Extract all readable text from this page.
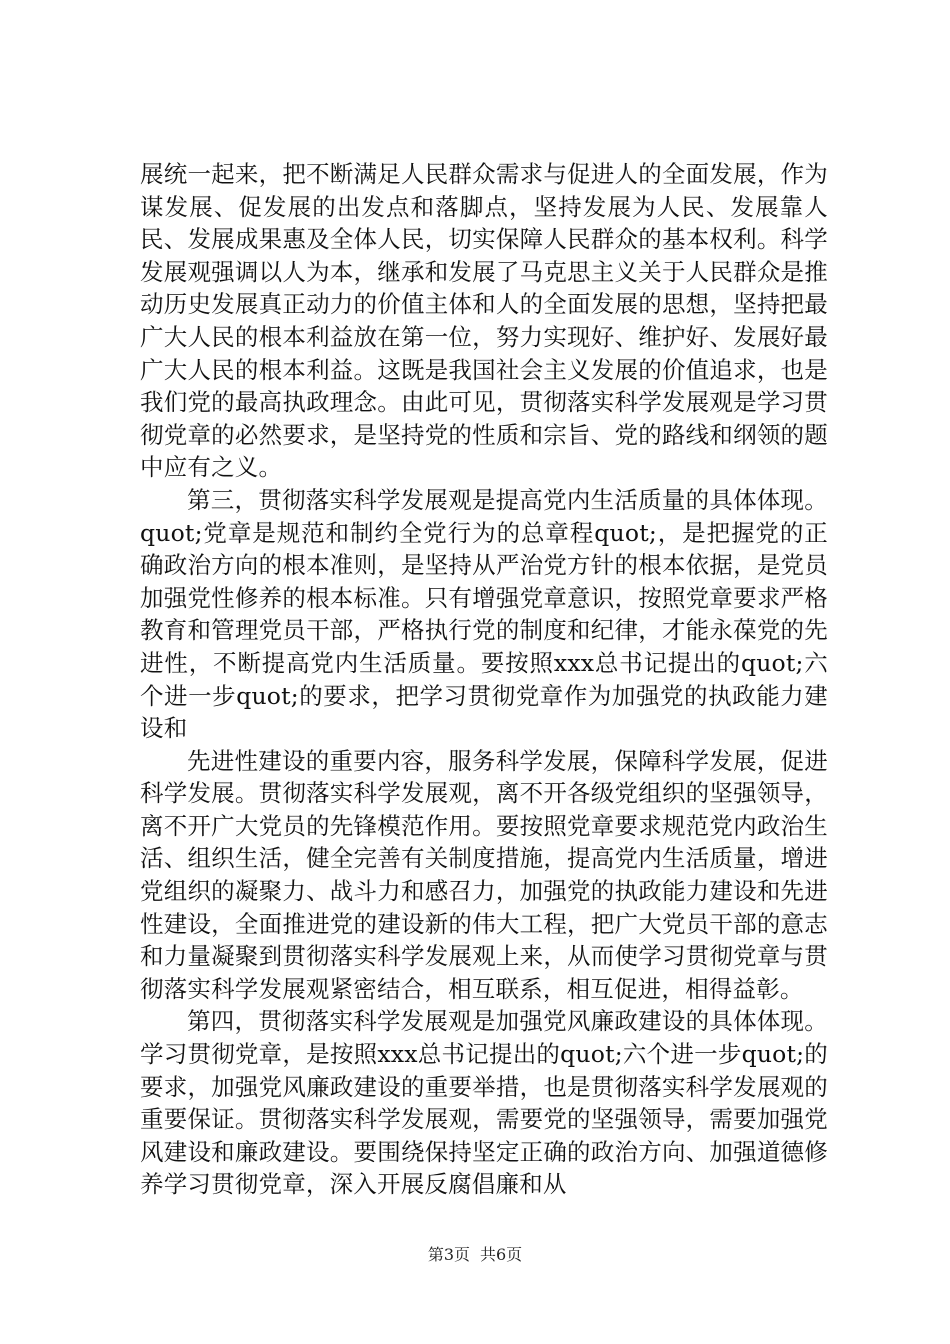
展统一起来，把不断满足人民群众需求与促进人的全面发展，作为谋发展、促发展的出发点和落脚点，坚持发展为人民、发展靠人民、发展成果惠及全体人民，切实保障人民群众的基本权利。科学发展观强调以人为本，继承和发展了马克思主义关于人民群众是推动历史发展真正动力的价值主体和人的全面发展的思想，坚持把最广大人民的根本利益放在第一位，努力实现好、维护好、发展好最广大人民的根本利益。这既是我国社会主义发展的价值追求，也是我们党的最高执政理念。由此可见，贯彻落实科学发展观是学习贯彻党章的必然要求，是坚持党的性质和宗旨、党的路线和纲领的题中应有之义。

第三，贯彻落实科学发展观是提高党内生活质量的具体体现。quot;党章是规范和制约全党行为的总章程quot;，是把握党的正确政治方向的根本准则，是坚持从严治党方针的根本依据，是党员加强党性修养的根本标准。只有增强党章意识，按照党章要求严格教育和管理党员干部，严格执行党的制度和纪律，才能永葆党的先进性，不断提高党内生活质量。要按照xxx总书记提出的quot;六个进一步quot;的要求，把学习贯彻党章作为加强党的执政能力建设和

先进性建设的重要内容，服务科学发展，保障科学发展，促进科学发展。贯彻落实科学发展观，离不开各级党组织的坚强领导，离不开广大党员的先锋模范作用。要按照党章要求规范党内政治生活、组织生活，健全完善有关制度措施，提高党内生活质量，增进党组织的凝聚力、战斗力和感召力，加强党的执政能力建设和先进性建设，全面推进党的建设新的伟大工程，把广大党员干部的意志和力量凝聚到贯彻落实科学发展观上来，从而使学习贯彻党章与贯彻落实科学发展观紧密结合，相互联系，相互促进，相得益彰。

第四，贯彻落实科学发展观是加强党风廉政建设的具体体现。学习贯彻党章，是按照xxx总书记提出的quot;六个进一步quot;的要求，加强党风廉政建设的重要举措，也是贯彻落实科学发展观的重要保证。贯彻落实科学发展观，需要党的坚强领导，需要加强党风建设和廉政建设。要围绕保持坚定正确的政治方向、加强道德修养学习贯彻党章，深入开展反腐倡廉和从

第3页 共6页
